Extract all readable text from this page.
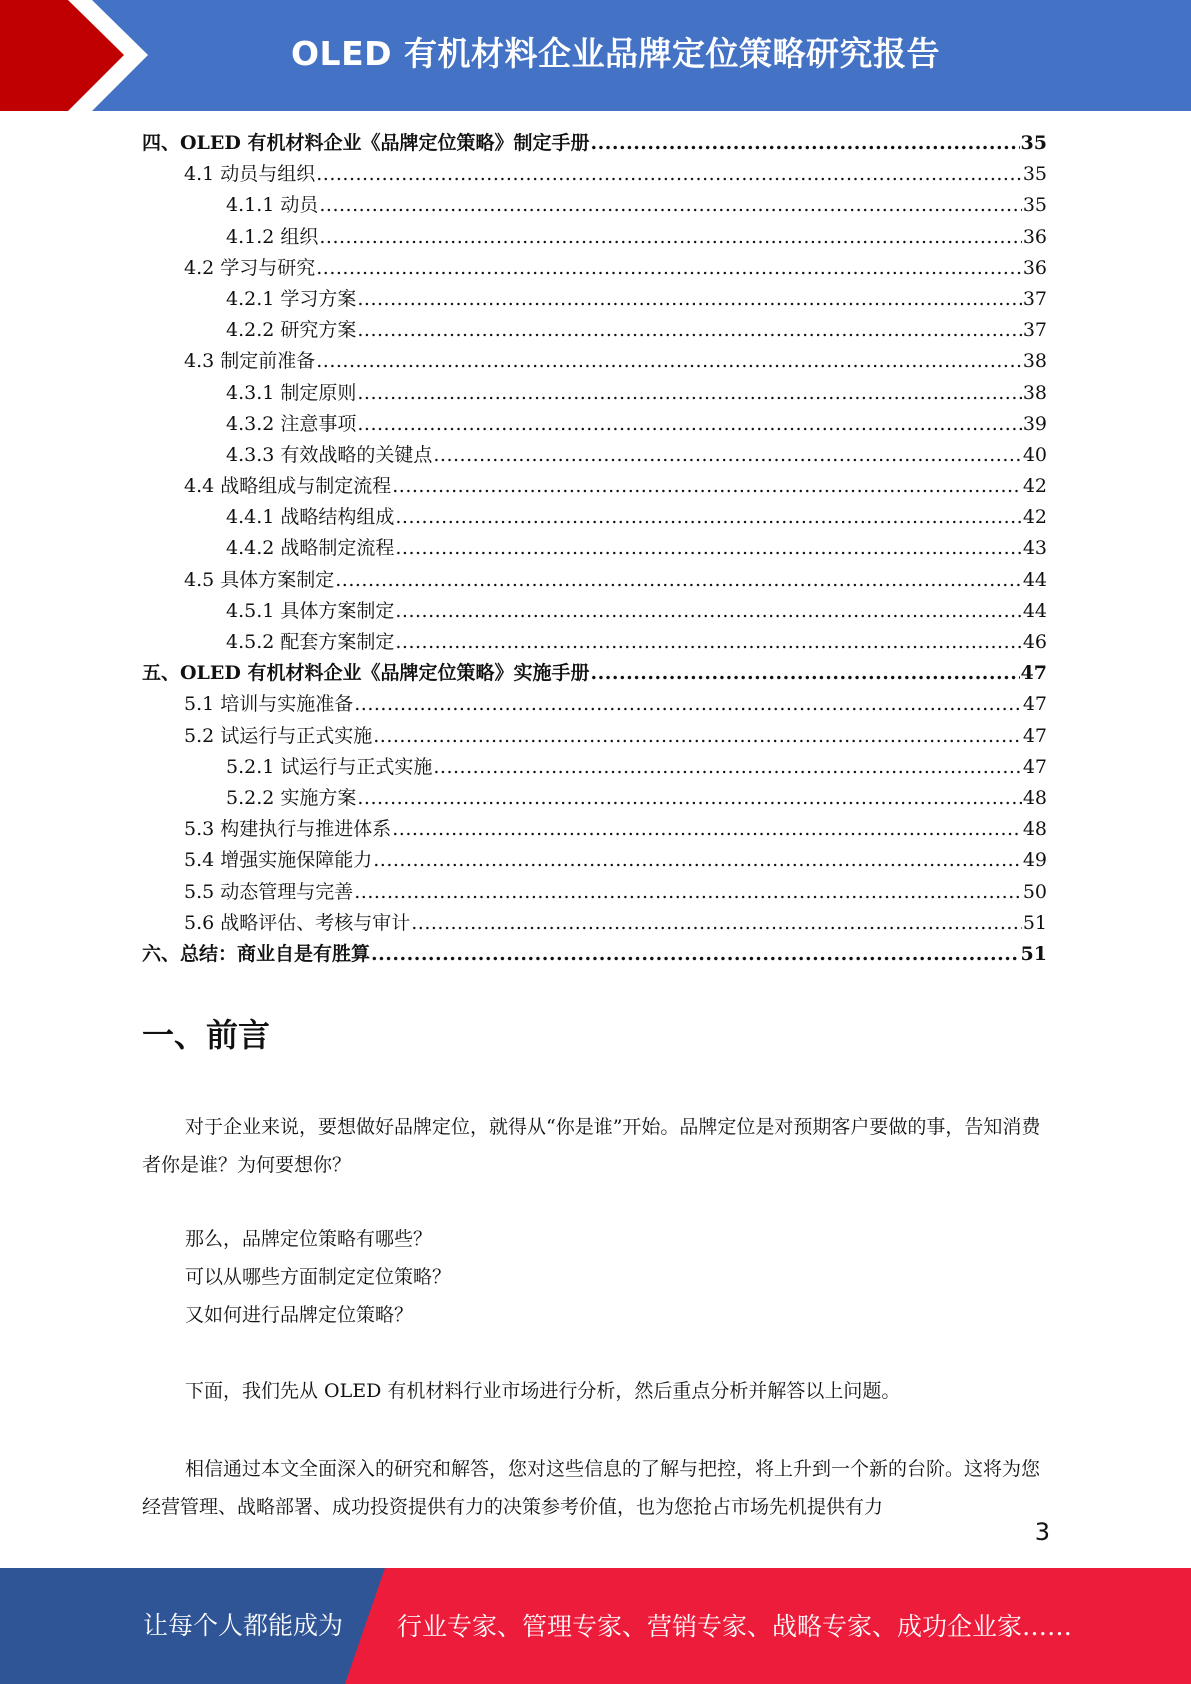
OLED 有机材料企业品牌定位策略研究报告
四、OLED 有机材料企业《品牌定位策略》制定手册 .....	35
4.1 动员与组织 .....	35
4.1.1 动员 .....	35
4.1.2 组织 .....	36
4.2 学习与研究 .....	36
4.2.1 学习方案 .....	37
4.2.2 研究方案 .....	37
4.3 制定前准备 .....	38
4.3.1 制定原则 .....	38
4.3.2 注意事项 .....	39
4.3.3 有效战略的关键点 .....	40
4.4 战略组成与制定流程 .....	42
4.4.1 战略结构组成 .....	42
4.4.2 战略制定流程 .....	43
4.5 具体方案制定 .....	44
4.5.1 具体方案制定 .....	44
4.5.2 配套方案制定 .....	46
五、OLED 有机材料企业《品牌定位策略》实施手册 .....	47
5.1 培训与实施准备 .....	47
5.2 试运行与正式实施 .....	47
5.2.1 试运行与正式实施 .....	47
5.2.2 实施方案 .....	48
5.3 构建执行与推进体系 .....	48
5.4 增强实施保障能力 .....	49
5.5 动态管理与完善 .....	50
5.6 战略评估、考核与审计 .....	51
六、总结：商业自是有胜算 .....	51
一、前言

对于企业来说，要想做好品牌定位，就得从“你是谁”开始。品牌定位是对预期客户要做的事，告知消费者你是谁？为何要想你？

那么，品牌定位策略有哪些？

可以从哪些方面制定定位策略？

又如何进行品牌定位策略？

下面，我们先从 OLED 有机材料行业市场进行分析，然后重点分析并解答以上问题。

相信通过本文全面深入的研究和解答，您对这些信息的了解与把控，将上升到一个新的台阶。这将为您经营管理、战略部署、成功投资提供有力的决策参考价值，也为您抢占市场先机提供有力

3
让每个人都能成为 行业专家、管理专家、营销专家、战略专家、成功企业家……
